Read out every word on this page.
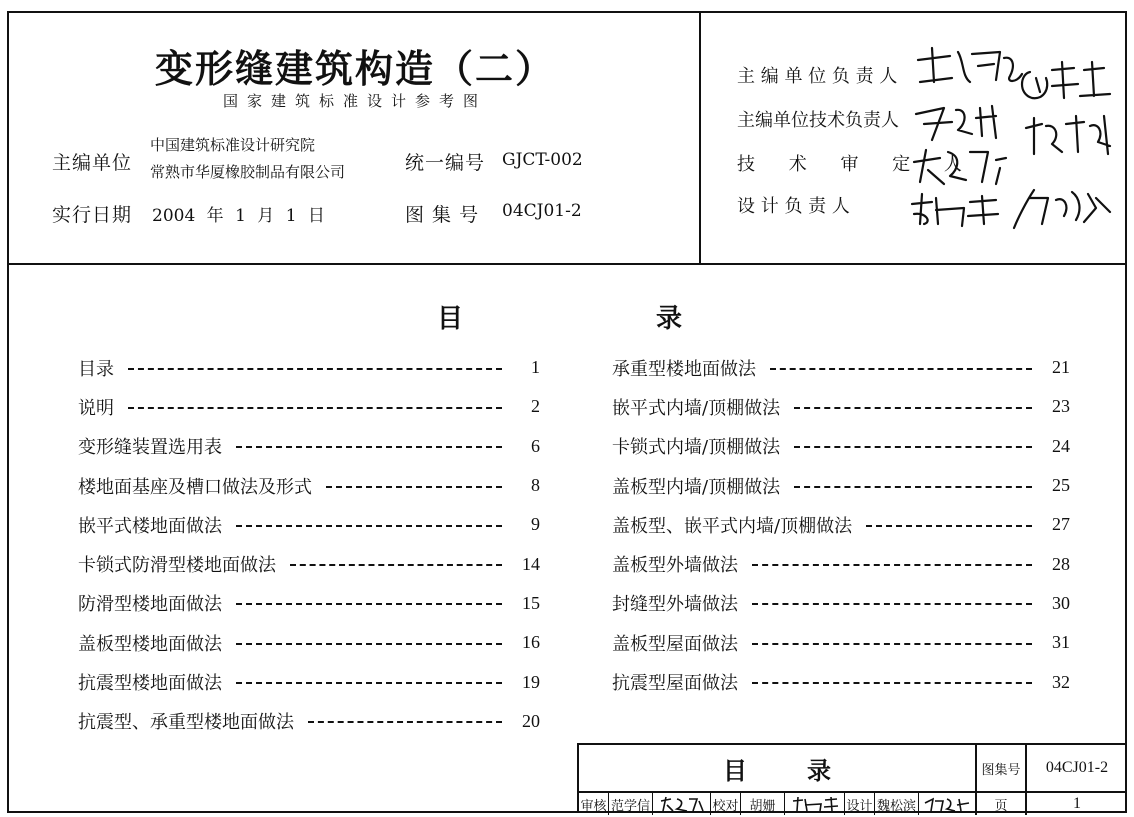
变形缝建筑构造（二）
国家建筑标准设计参考图
主编单位
中国建筑标准设计研究院
常熟市华厦橡胶制品有限公司	统一编号 GJCT-002
实行日期 2004 年 1 月 1 日	图 集 号 04CJ01-2
主 编 单 位 负 责 人
主编单位技术负责人
技 术 审 定 人
设 计 负 责 人
目	录
目录	1
说明	2
变形缝装置选用表	6
楼地面基座及槽口做法及形式	8
嵌平式楼地面做法	9
卡锁式防滑型楼地面做法	14
防滑型楼地面做法	15
盖板型楼地面做法	16
抗震型楼地面做法	19
抗震型、承重型楼地面做法	20
承重型楼地面做法	21
嵌平式内墙/顶棚做法	23
卡锁式内墙/顶棚做法	24
盖板型内墙/顶棚做法	25
盖板型、嵌平式内墙/顶棚做法	27
盖板型外墙做法	28
封缝型外墙做法	30
盖板型屋面做法	31
抗震型屋面做法	32
目录	图集号	04CJ01-2
审核 范学信	校对 胡姗	设计 魏松滨	页	1
